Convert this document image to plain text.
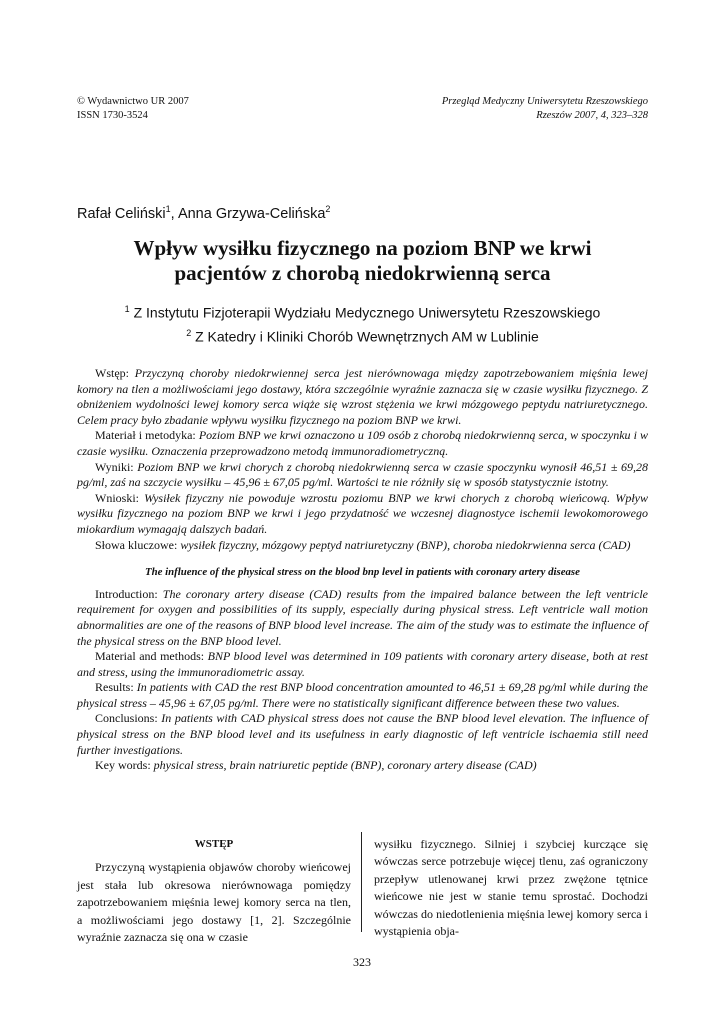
© Wydawnictwo UR 2007
ISSN 1730-3524
Przegląd Medyczny Uniwersytetu Rzeszowskiego
Rzeszów 2007, 4, 323–328
Rafał Celiński$^1$, Anna Grzywa-Celińska$^2$
Wpływ wysiłku fizycznego na poziom BNP we krwi
pacjentów z chorobą niedokrwienną serca
$^1$ Z Instytutu Fizjoterapii Wydziału Medycznego Uniwersytetu Rzeszowskiego
$^2$ Z Katedry i Kliniki Chorób Wewnętrznych AM w Lublinie

Wstęp: Przyczyną choroby niedokrwiennej serca jest nierównowaga między zapotrzebowaniem mięśnia lewej komory na tlen a możliwościami jego dostawy, która szczególnie wyraźnie zaznacza się w czasie wysiłku fizycznego. Z obniżeniem wydolności lewej komory serca wiąże się wzrost stężenia we krwi mózgowego peptydu natriuretycznego. Celem pracy było zbadanie wpływu wysiłku fizycznego na poziom BNP we krwi.

Materiał i metodyka: Poziom BNP we krwi oznaczono u 109 osób z chorobą niedokrwienną serca, w spoczynku i w czasie wysiłku. Oznaczenia przeprowadzono metodą immunoradiometryczną.

Wyniki: Poziom BNP we krwi chorych z chorobą niedokrwienną serca w czasie spoczynku wynosił 46,51 ± 69,28 pg/ml, zaś na szczycie wysiłku – 45,96 ± 67,05 pg/ml. Wartości te nie różniły się w sposób statystycznie istotny.

Wnioski: Wysiłek fizyczny nie powoduje wzrostu poziomu BNP we krwi chorych z chorobą wieńcową. Wpływ wysiłku fizycznego na poziom BNP we krwi i jego przydatność we wczesnej diagnostyce ischemii lewokomorowego miokardium wymagają dalszych badań.

Słowa kluczowe: wysiłek fizyczny, mózgowy peptyd natriuretyczny (BNP), choroba niedokrwienna serca (CAD)

The influence of the physical stress on the blood bnp level in patients with coronary artery disease

Introduction: The coronary artery disease (CAD) results from the impaired balance between the left ventricle requirement for oxygen and possibilities of its supply, especially during physical stress. Left ventricle wall motion abnormalities are one of the reasons of BNP blood level increase. The aim of the study was to estimate the influence of the physical stress on the BNP blood level.

Material and methods: BNP blood level was determined in 109 patients with coronary artery disease, both at rest and stress, using the immunoradiometric assay.

Results: In patients with CAD the rest BNP blood concentration amounted to 46,51 ± 69,28 pg/ml while during the physical stress – 45,96 ± 67,05 pg/ml. There were no statistically significant difference between these two values.

Conclusions: In patients with CAD physical stress does not cause the BNP blood level elevation. The influence of physical stress on the BNP blood level and its usefulness in early diagnostic of left ventricle ischaemia still need further investigations.

Key words: physical stress, brain natriuretic peptide (BNP), coronary artery disease (CAD)

WSTĘP

Przyczyną wystąpienia objawów choroby wieńcowej jest stała lub okresowa nierównowaga pomiędzy zapotrzebowaniem mięśnia lewej komory serca na tlen, a możliwościami jego dostawy [1, 2]. Szczególnie wyraźnie zaznacza się ona w czasie

wysiłku fizycznego. Silniej i szybciej kurczące się wówczas serce potrzebuje więcej tlenu, zaś ograniczony przepływ utlenowanej krwi przez zwężone tętnice wieńcowe nie jest w stanie temu sprostać. Dochodzi wówczas do niedotlenienia mięśnia lewej komory serca i wystąpienia obja-

323
